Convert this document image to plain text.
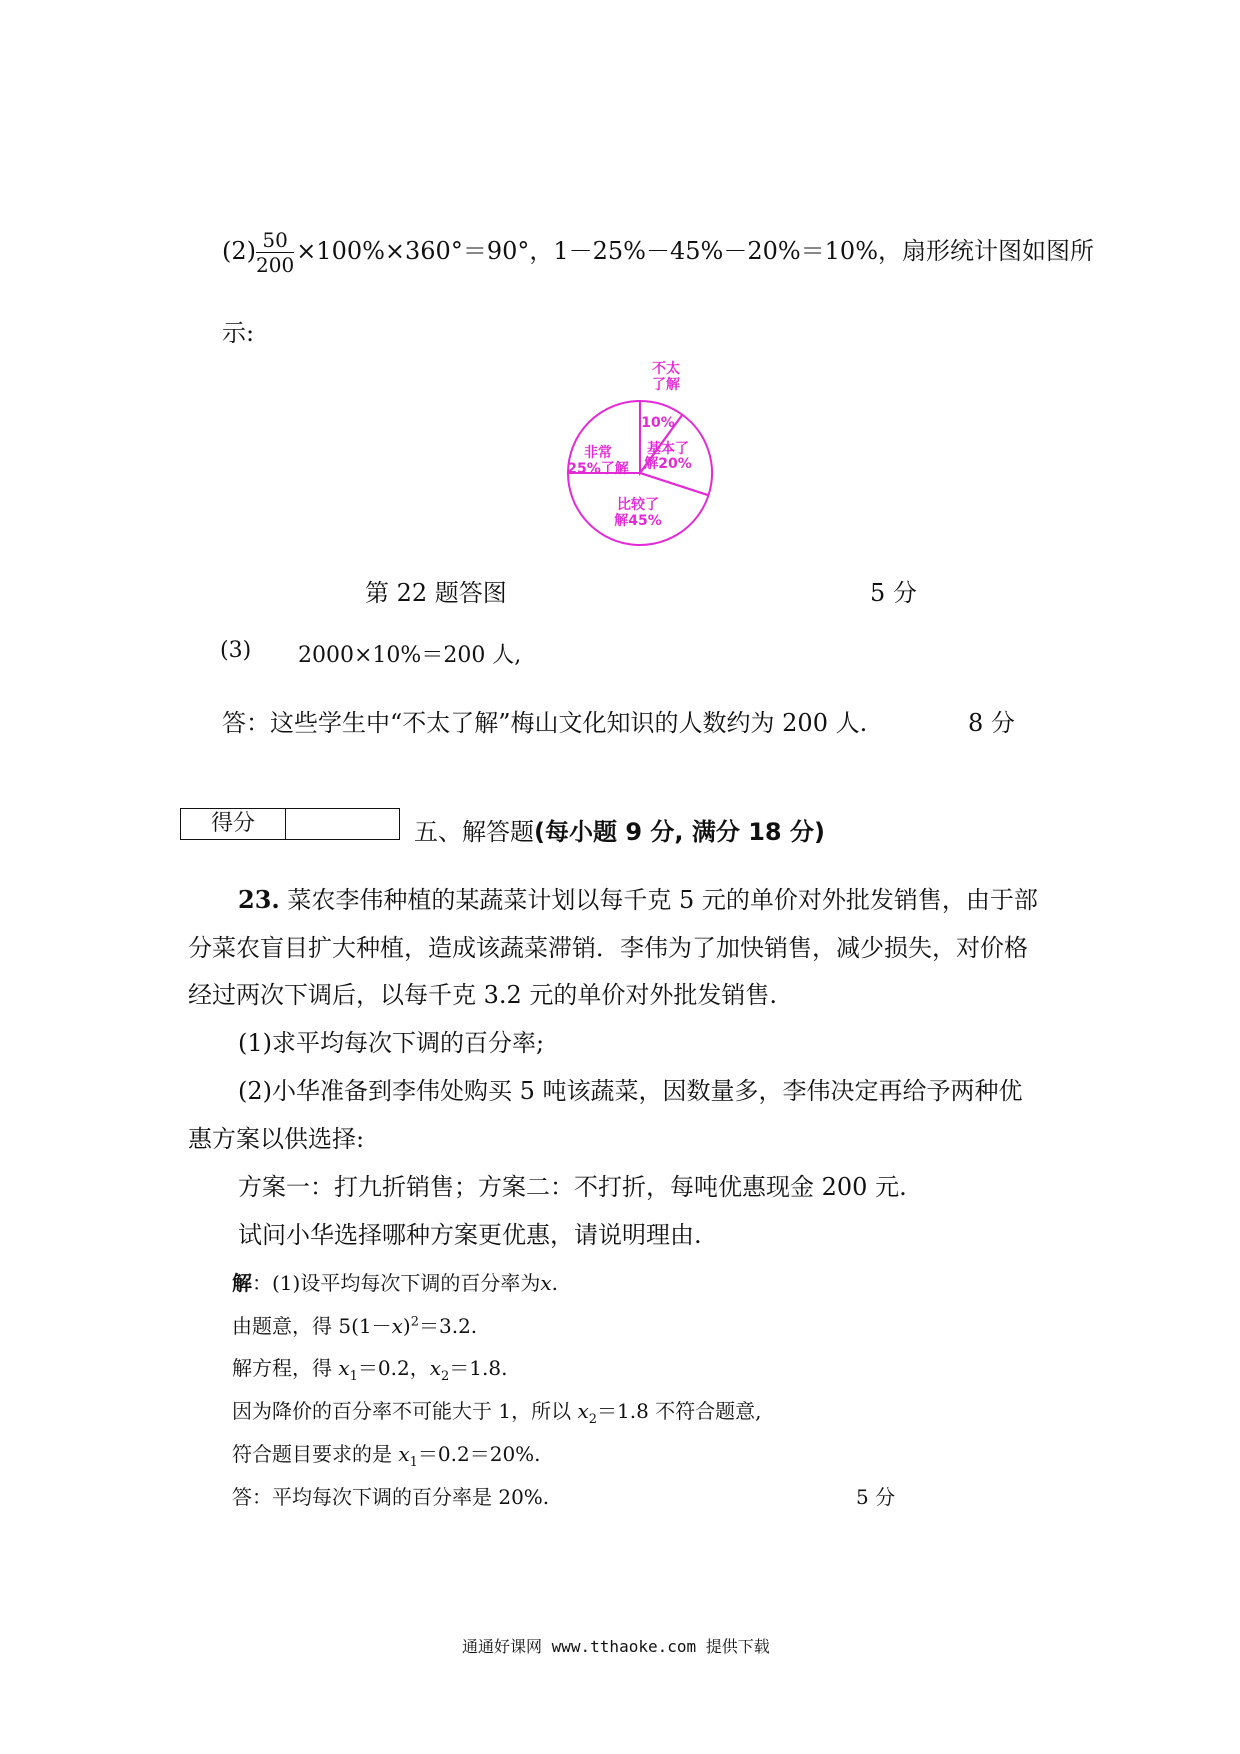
$(2) \frac{50}{200} \times 100\%\times 360^\circ=90^\circ$，1－25%－45%－20%＝10%，扇形统计图如图所
示:
不太
了解
10%
基本了
解20%
比较了
解45%
非常
25%了解
第 22 题答图	5 分
(3) 2000×10%＝200 人,
答：这些学生中“不太了解”梅山文化知识的人数约为 200 人.	8 分
得分	五、解答题(每小题 9 分, 满分 18 分)
23. 菜农李伟种植的某蔬菜计划以每千克 5 元的单价对外批发销售，由于部
分菜农盲目扩大种植，造成该蔬菜滞销．李伟为了加快销售，减少损失，对价格
经过两次下调后，以每千克 3.2 元的单价对外批发销售.
(1)求平均每次下调的百分率;
(2)小华准备到李伟处购买 5 吨该蔬菜，因数量多，李伟决定再给予两种优
惠方案以供选择:
方案一：打九折销售；方案二：不打折，每吨优惠现金 200 元.
试问小华选择哪种方案更优惠，请说明理由.
解：(1)设平均每次下调的百分率为x.
由题意，得 $5(1-x)^2=3.2$.
解方程，得 $x_1=0.2$，$x_2=1.8$.
因为降价的百分率不可能大于 1，所以 $x_2=1.8$ 不符合题意,
符合题目要求的是 $x_1=0.2=20\%$.
答：平均每次下调的百分率是 20%.	5 分
通通好课网 www.tthaoke.com 提供下载
